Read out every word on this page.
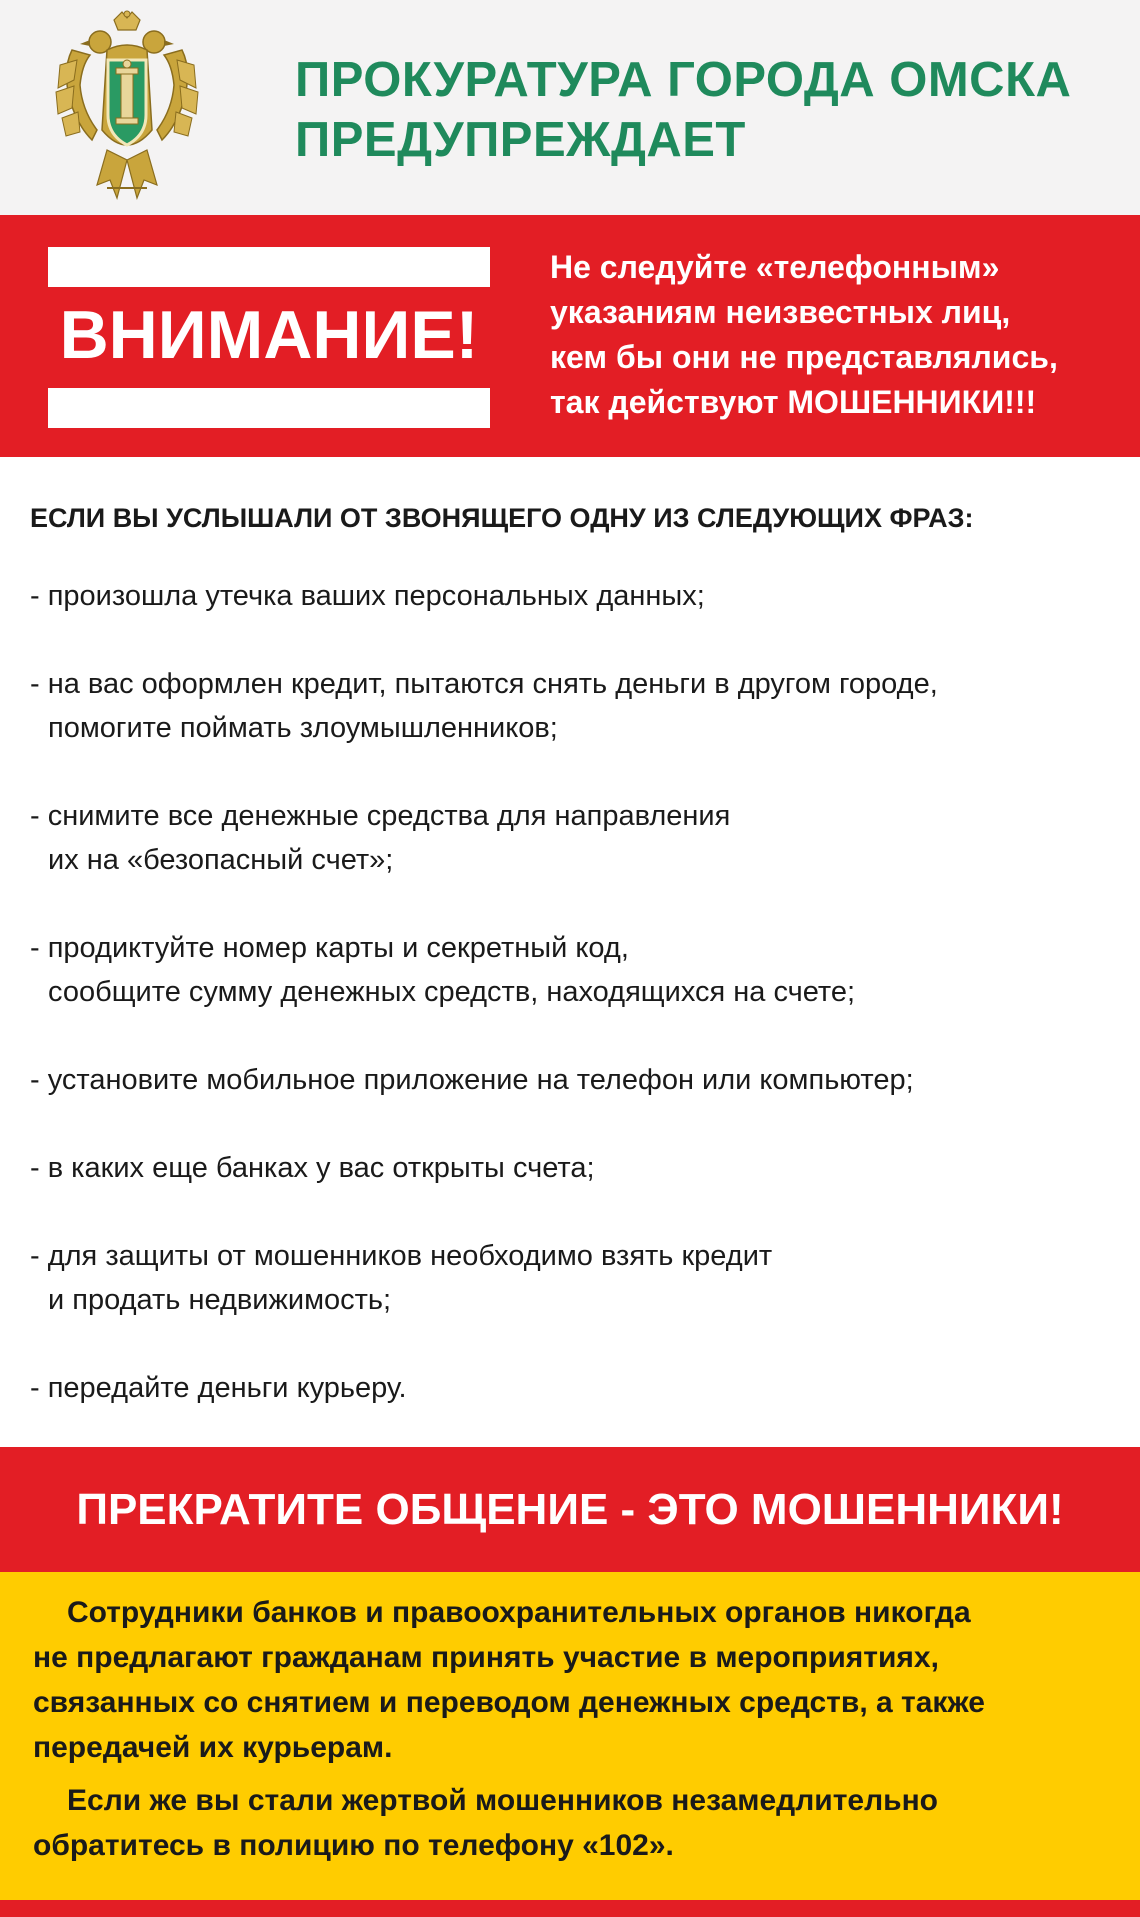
ПРОКУРАТУРА ГОРОДА ОМСКА
ПРЕДУПРЕЖДАЕТ
ВНИМАНИЕ!
Не следуйте «телефонным»
указаниям неизвестных лиц,
кем бы они не представлялись,
так действуют МОШЕННИКИ!!!
ЕСЛИ ВЫ УСЛЫШАЛИ ОТ ЗВОНЯЩЕГО ОДНУ ИЗ СЛЕДУЮЩИХ ФРАЗ:
- произошла утечка ваших персональных данных;
- на вас оформлен кредит, пытаются снять деньги в другом городе,
помогите поймать злоумышленников;
- снимите все денежные средства для направления
их на «безопасный счет»;
- продиктуйте номер карты и секретный код,
сообщите сумму денежных средств, находящихся на счете;
- установите мобильное приложение на телефон или компьютер;
- в каких еще банках у вас открыты счета;
- для защиты от мошенников необходимо взять кредит
и продать недвижимость;
- передайте деньги курьеру.
ПРЕКРАТИТЕ ОБЩЕНИЕ - ЭТО МОШЕННИКИ!
Сотрудники банков и правоохранительных органов никогда
не предлагают гражданам принять участие в мероприятиях,
связанных со снятием и переводом денежных средств, а также
передачей их курьерам.
Если же вы стали жертвой мошенников незамедлительно
обратитесь в полицию по телефону «102».
